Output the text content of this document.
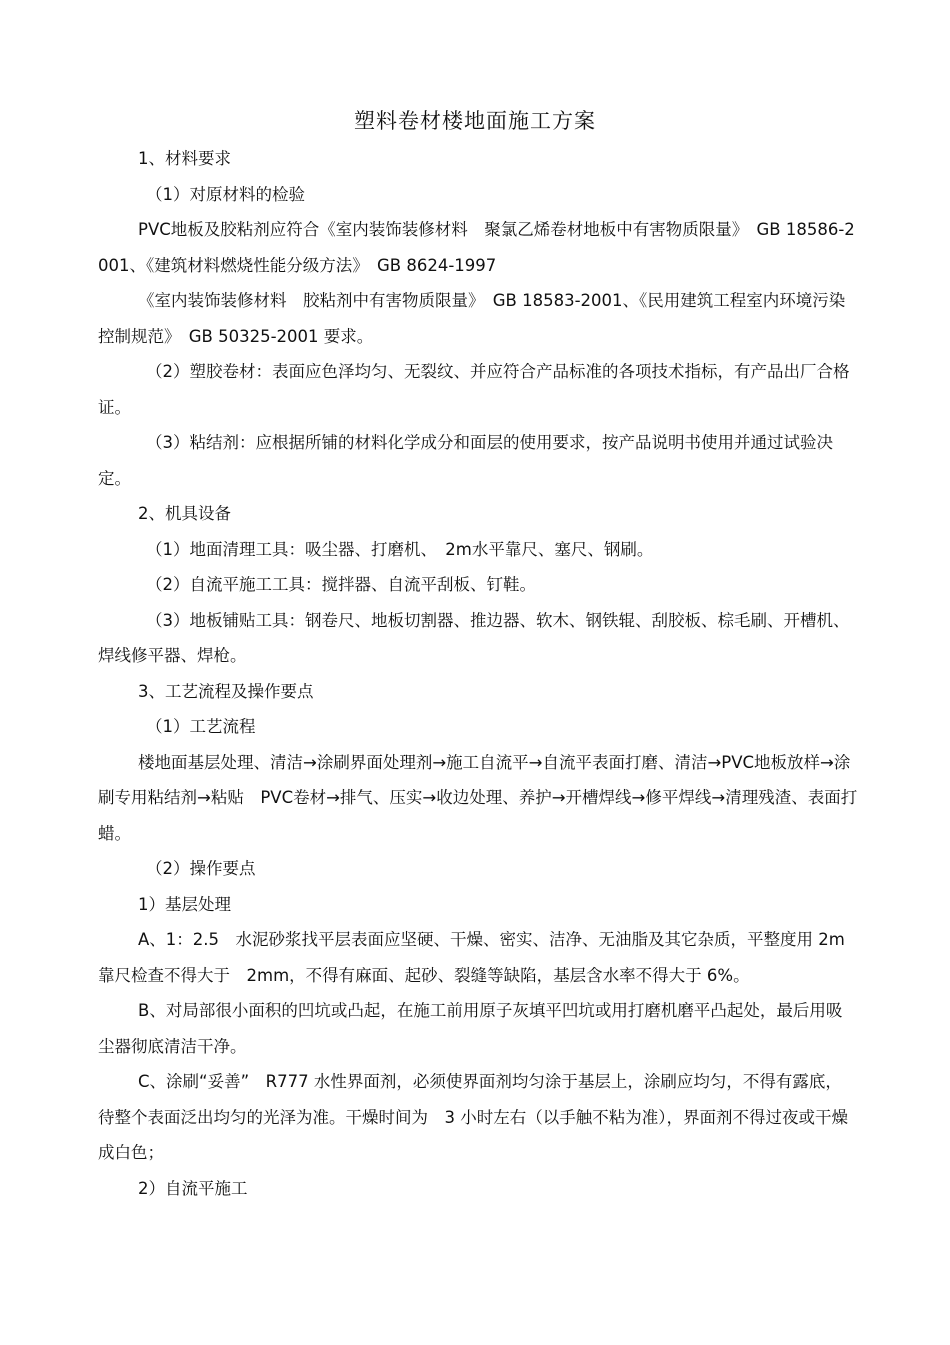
塑料卷材楼地面施工方案

1、材料要求

（1）对原材料的检验

PVC地板及胶粘剂应符合《室内装饰装修材料　聚氯乙烯卷材地板中有害物质限量》　GB 18586-2001、《建筑材料燃烧性能分级方法》　GB 8624-1997

《室内装饰装修材料　胶粘剂中有害物质限量》　GB 18583-2001、《民用建筑工程室内环境污染控制规范》　GB 50325-2001 要求。

（2）塑胶卷材：表面应色泽均匀、无裂纹、并应符合产品标准的各项技术指标，有产品出厂合格证。

（3）粘结剂：应根据所铺的材料化学成分和面层的使用要求，按产品说明书使用并通过试验决定。

2、机具设备

（1）地面清理工具：吸尘器、打磨机、　2m水平靠尺、塞尺、钢刷。

（2）自流平施工工具：搅拌器、自流平刮板、钉鞋。

（3）地板铺贴工具：钢卷尺、地板切割器、推边器、软木、钢铁辊、刮胶板、棕毛刷、开槽机、焊线修平器、焊枪。

3、工艺流程及操作要点

（1）工艺流程

楼地面基层处理、清洁→涂刷界面处理剂→施工自流平→自流平表面打磨、清洁→PVC地板放样→涂刷专用粘结剂→粘贴　PVC卷材→排气、压实→收边处理、养护→开槽焊线→修平焊线→清理残渣、表面打蜡。

（2）操作要点

1）基层处理

A、1：2.5　水泥砂浆找平层表面应坚硬、干燥、密实、洁净、无油脂及其它杂质，平整度用 2m靠尺检查不得大于　2mm，不得有麻面、起砂、裂缝等缺陷，基层含水率不得大于 6%。

B、对局部很小面积的凹坑或凸起，在施工前用原子灰填平凹坑或用打磨机磨平凸起处，最后用吸尘器彻底清洁干净。

C、涂刷“妥善”　R777 水性界面剂，必须使界面剂均匀涂于基层上，涂刷应均匀，不得有露底，待整个表面泛出均匀的光泽为准。干燥时间为　3 小时左右（以手触不粘为准），界面剂不得过夜或干燥成白色；

2）自流平施工
